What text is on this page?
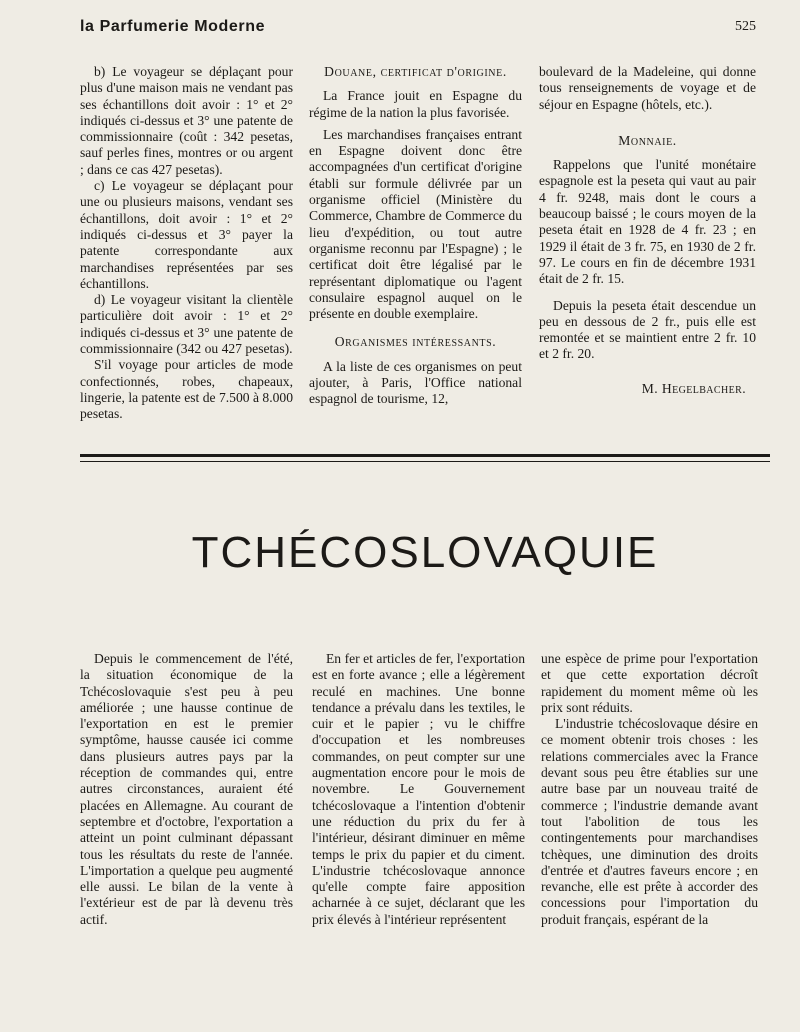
la Parfumerie Moderne	525

b) Le voyageur se déplaçant pour plus d'une maison mais ne vendant pas ses échantillons doit avoir : 1° et 2° indiqués ci-dessus et 3° une patente de commissionnaire (coût : 342 pesetas, sauf perles fines, montres or ou argent ; dans ce cas 427 pesetas).

c) Le voyageur se déplaçant pour une ou plusieurs maisons, vendant ses échantillons, doit avoir : 1° et 2° indiqués ci-dessus et 3° payer la patente correspondante aux marchandises représentées par ses échantillons.

d) Le voyageur visitant la clientèle particulière doit avoir : 1° et 2° indiqués ci-dessus et 3° une patente de commissionnaire (342 ou 427 pesetas).

S'il voyage pour articles de mode confectionnés, robes, chapeaux, lingerie, la patente est de 7.500 à 8.000 pesetas.

Douane, certificat d'origine.

La France jouit en Espagne du régime de la nation la plus favorisée.

Les marchandises françaises entrant en Espagne doivent donc être accompagnées d'un certificat d'origine établi sur formule délivrée par un organisme officiel (Ministère du Commerce, Chambre de Commerce du lieu d'expédition, ou tout autre organisme reconnu par l'Espagne) ; le certificat doit être légalisé par le représentant diplomatique ou l'agent consulaire espagnol auquel on le présente en double exemplaire.

Organismes intéressants.

A la liste de ces organismes on peut ajouter, à Paris, l'Office national espagnol de tourisme, 12,

boulevard de la Madeleine, qui donne tous renseignements de voyage et de séjour en Espagne (hôtels, etc.).

Monnaie.

Rappelons que l'unité monétaire espagnole est la peseta qui vaut au pair 4 fr. 9248, mais dont le cours a beaucoup baissé ; le cours moyen de la peseta était en 1928 de 4 fr. 23 ; en 1929 il était de 3 fr. 75, en 1930 de 2 fr. 97. Le cours en fin de décembre 1931 était de 2 fr. 15.

Depuis la peseta était descendue un peu en dessous de 2 fr., puis elle est remontée et se maintient entre 2 fr. 10 et 2 fr. 20.

M. Hegelbacher.
TCHÉCOSLOVAQUIE

Depuis le commencement de l'été, la situation économique de la Tchécoslovaquie s'est peu à peu améliorée ; une hausse continue de l'exportation en est le premier symptôme, hausse causée ici comme dans plusieurs autres pays par la réception de commandes qui, entre autres circonstances, auraient été placées en Allemagne. Au courant de septembre et d'octobre, l'exportation a atteint un point culminant dépassant tous les résultats du reste de l'année. L'importation a quelque peu augmenté elle aussi. Le bilan de la vente à l'extérieur est de par là devenu très actif.

En fer et articles de fer, l'exportation est en forte avance ; elle a légèrement reculé en machines. Une bonne tendance a prévalu dans les textiles, le cuir et le papier ; vu le chiffre d'occupation et les nombreuses commandes, on peut compter sur une augmentation encore pour le mois de novembre. Le Gouvernement tchécoslovaque a l'intention d'obtenir une réduction du prix du fer à l'intérieur, désirant diminuer en même temps le prix du papier et du ciment. L'industrie tchécoslovaque annonce qu'elle compte faire apposition acharnée à ce sujet, déclarant que les prix élevés à l'intérieur représentent

une espèce de prime pour l'exportation et que cette exportation décroît rapidement du moment même où les prix sont réduits.

L'industrie tchécoslovaque désire en ce moment obtenir trois choses : les relations commerciales avec la France devant sous peu être établies sur une autre base par un nouveau traité de commerce ; l'industrie demande avant tout l'abolition de tous les contingentements pour marchandises tchèques, une diminution des droits d'entrée et d'autres faveurs encore ; en revanche, elle est prête à accorder des concessions pour l'importation du produit français, espérant de la
